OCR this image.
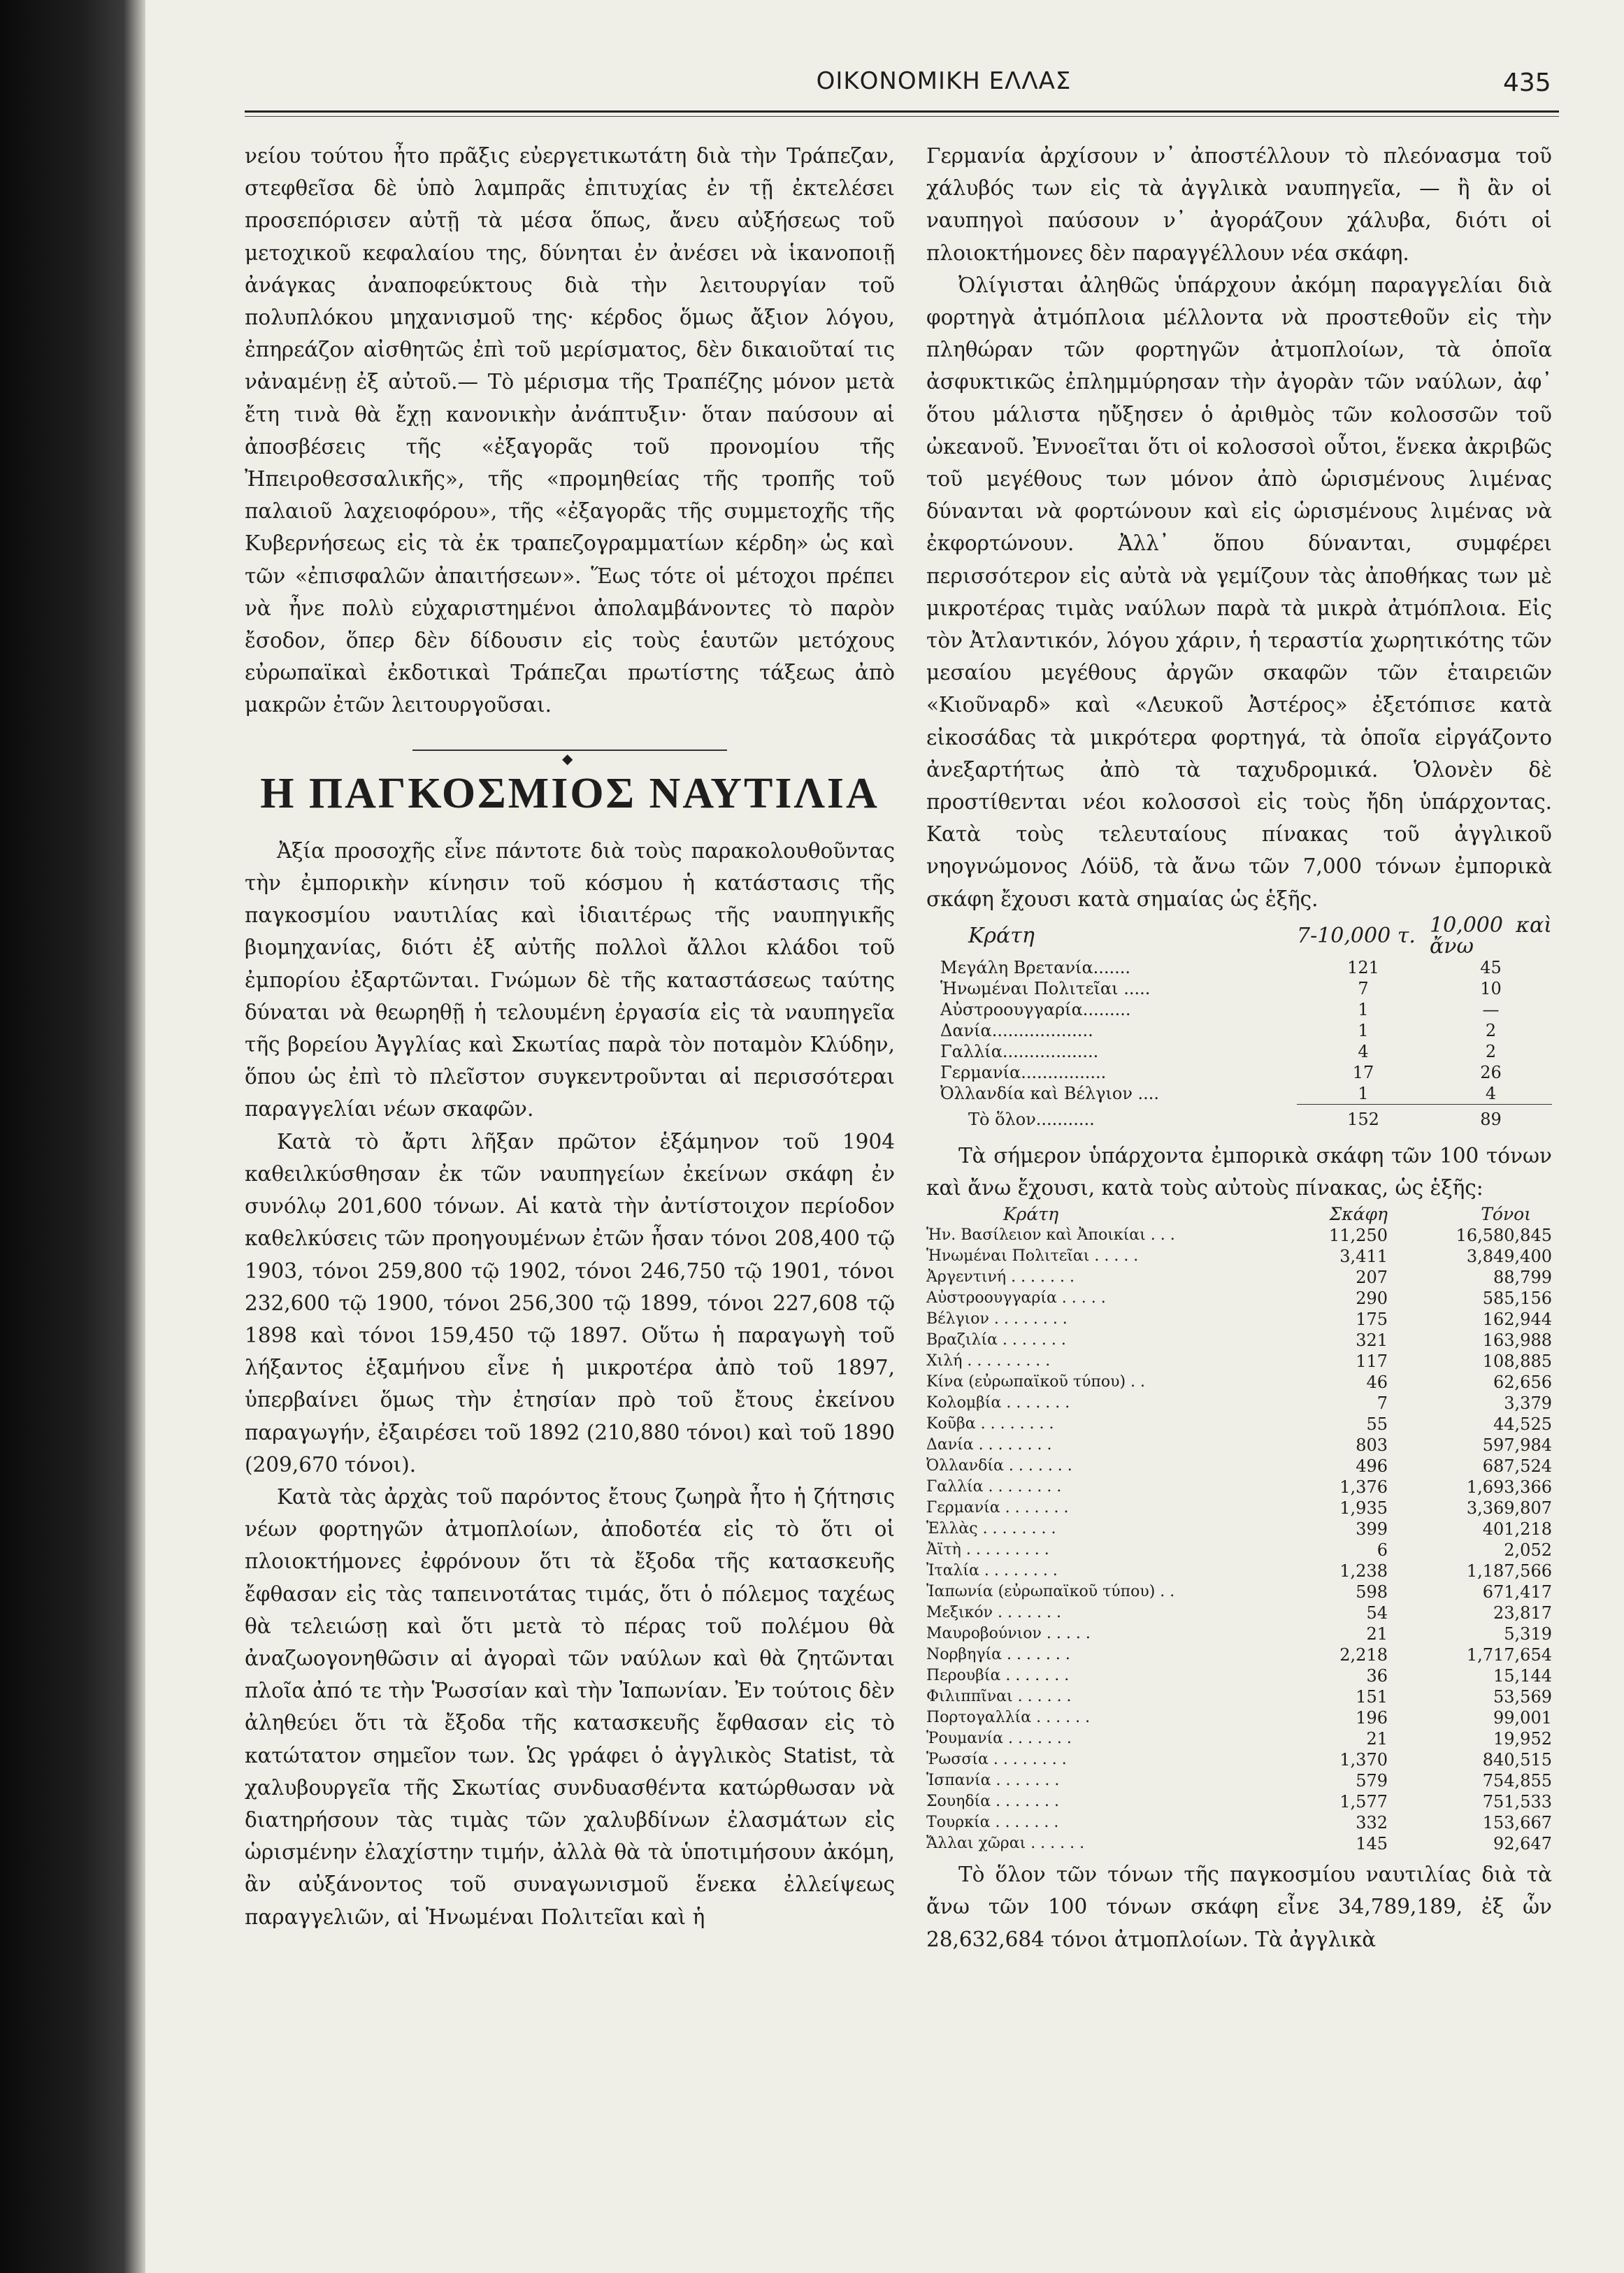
ΟΙΚΟΝΟΜΙΚΗ ΕΛΛΑΣ	435

νείου τούτου ἦτο πρᾶξις εὐεργετικωτάτη διὰ τὴν Τράπεζαν, στεφθεῖσα δὲ ὑπὸ λαμπρᾶς ἐπιτυχίας ἐν τῇ ἐκτελέσει προσεπόρισεν αὐτῇ τὰ μέσα ὅπως, ἄνευ αὐξήσεως τοῦ μετοχικοῦ κεφαλαίου της, δύνηται ἐν ἀνέσει νὰ ἱκανοποιῇ ἀνάγκας ἀναποφεύκτους διὰ τὴν λειτουργίαν τοῦ πολυπλόκου μηχανισμοῦ της· κέρδος ὅμως ἄξιον λόγου, ἐπηρεάζον αἰσθητῶς ἐπὶ τοῦ μερίσματος, δὲν δικαιοῦταί τις νἀναμένῃ ἐξ αὐτοῦ.— Τὸ μέρισμα τῆς Τραπέζης μόνον μετὰ ἔτη τινὰ θὰ ἔχῃ κανονικὴν ἀνάπτυξιν· ὅταν παύσουν αἱ ἀποσβέσεις τῆς «ἐξαγορᾶς τοῦ προνομίου τῆς Ἠπειροθεσσαλικῆς», τῆς «προμηθείας τῆς τροπῆς τοῦ παλαιοῦ λαχειοφόρου», τῆς «ἐξαγορᾶς τῆς συμμετοχῆς τῆς Κυβερνήσεως εἰς τὰ ἐκ τραπεζογραμματίων κέρδη» ὡς καὶ τῶν «ἐπισφαλῶν ἀπαιτήσεων». Ἕως τότε οἱ μέτοχοι πρέπει νὰ ἦνε πολὺ εὐχαριστημένοι ἀπολαμβάνοντες τὸ παρὸν ἔσοδον, ὅπερ δὲν δίδουσιν εἰς τοὺς ἑαυτῶν μετόχους εὐρωπαϊκαὶ ἐκδοτικαὶ Τράπεζαι πρωτίστης τάξεως ἀπὸ μακρῶν ἐτῶν λειτουργοῦσαι.

◆
Η ΠΑΓΚΟΣΜΙΟΣ ΝΑΥΤΙΛΙΑ

Ἀξία προσοχῆς εἶνε πάντοτε διὰ τοὺς παρακολουθοῦντας τὴν ἐμπορικὴν κίνησιν τοῦ κόσμου ἡ κατάστασις τῆς παγκοσμίου ναυτιλίας καὶ ἰδιαιτέρως τῆς ναυπηγικῆς βιομηχανίας, διότι ἐξ αὐτῆς πολλοὶ ἄλλοι κλάδοι τοῦ ἐμπορίου ἐξαρτῶνται. Γνώμων δὲ τῆς καταστάσεως ταύτης δύναται νὰ θεωρηθῇ ἡ τελουμένη ἐργασία εἰς τὰ ναυπηγεῖα τῆς βορείου Ἀγγλίας καὶ Σκωτίας παρὰ τὸν ποταμὸν Κλύδην, ὅπου ὡς ἐπὶ τὸ πλεῖστον συγκεντροῦνται αἱ περισσότεραι παραγγελίαι νέων σκαφῶν.

Κατὰ τὸ ἄρτι λῆξαν πρῶτον ἑξάμηνον τοῦ 1904 καθειλκύσθησαν ἐκ τῶν ναυπηγείων ἐκείνων σκάφη ἐν συνόλῳ 201,600 τόνων. Αἱ κατὰ τὴν ἀντίστοιχον περίοδον καθελκύσεις τῶν προηγουμένων ἐτῶν ἦσαν τόνοι 208,400 τῷ 1903, τόνοι 259,800 τῷ 1902, τόνοι 246,750 τῷ 1901, τόνοι 232,600 τῷ 1900, τόνοι 256,300 τῷ 1899, τόνοι 227,608 τῷ 1898 καὶ τόνοι 159,450 τῷ 1897. Οὕτω ἡ παραγωγὴ τοῦ λήξαντος ἑξαμήνου εἶνε ἡ μικροτέρα ἀπὸ τοῦ 1897, ὑπερβαίνει ὅμως τὴν ἐτησίαν πρὸ τοῦ ἔτους ἐκείνου παραγωγήν, ἐξαιρέσει τοῦ 1892 (210,880 τόνοι) καὶ τοῦ 1890 (209,670 τόνοι).

Κατὰ τὰς ἀρχὰς τοῦ παρόντος ἔτους ζωηρὰ ἦτο ἡ ζήτησις νέων φορτηγῶν ἀτμοπλοίων, ἀποδοτέα εἰς τὸ ὅτι οἱ πλοιοκτήμονες ἐφρόνουν ὅτι τὰ ἔξοδα τῆς κατασκευῆς ἔφθασαν εἰς τὰς ταπεινοτάτας τιμάς, ὅτι ὁ πόλεμος ταχέως θὰ τελειώσῃ καὶ ὅτι μετὰ τὸ πέρας τοῦ πολέμου θὰ ἀναζωογονηθῶσιν αἱ ἀγοραὶ τῶν ναύλων καὶ θὰ ζητῶνται πλοῖα ἀπό τε τὴν Ῥωσσίαν καὶ τὴν Ἰαπωνίαν. Ἐν τούτοις δὲν ἀληθεύει ὅτι τὰ ἔξοδα τῆς κατασκευῆς ἔφθασαν εἰς τὸ κατώτατον σημεῖον των. Ὡς γράφει ὁ ἀγγλικὸς Statist, τὰ χαλυβουργεῖα τῆς Σκωτίας συνδυασθέντα κατώρθωσαν νὰ διατηρήσουν τὰς τιμὰς τῶν χαλυβδίνων ἐλασμάτων εἰς ὡρισμένην ἐλαχίστην τιμήν, ἀλλὰ θὰ τὰ ὑποτιμήσουν ἀκόμη, ἂν αὐξάνοντος τοῦ συναγωνισμοῦ ἕνεκα ἐλλείψεως παραγγελιῶν, αἱ Ἡνωμέναι Πολιτεῖαι καὶ ἡ

Γερμανία ἀρχίσουν ν᾿ ἀποστέλλουν τὸ πλεόνασμα τοῦ χάλυβός των εἰς τὰ ἀγγλικὰ ναυπηγεῖα, — ἢ ἂν οἱ ναυπηγοὶ παύσουν ν᾿ ἀγοράζουν χάλυβα, διότι οἱ πλοιοκτήμονες δὲν παραγγέλλουν νέα σκάφη.

Ὀλίγισται ἀληθῶς ὑπάρχουν ἀκόμη παραγγελίαι διὰ φορτηγὰ ἀτμόπλοια μέλλοντα νὰ προστεθοῦν εἰς τὴν πληθώραν τῶν φορτηγῶν ἀτμοπλοίων, τὰ ὁποῖα ἀσφυκτικῶς ἐπλημμύρησαν τὴν ἀγορὰν τῶν ναύλων, ἀφ᾿ ὅτου μάλιστα ηὔξησεν ὁ ἀριθμὸς τῶν κολοσσῶν τοῦ ὠκεανοῦ. Ἐννοεῖται ὅτι οἱ κολοσσοὶ οὗτοι, ἕνεκα ἀκριβῶς τοῦ μεγέθους των μόνον ἀπὸ ὡρισμένους λιμένας δύνανται νὰ φορτώνουν καὶ εἰς ὡρισμένους λιμένας νὰ ἐκφορτώνουν. Ἀλλ᾿ ὅπου δύνανται, συμφέρει περισσότερον εἰς αὐτὰ νὰ γεμίζουν τὰς ἀποθήκας των μὲ μικροτέρας τιμὰς ναύλων παρὰ τὰ μικρὰ ἀτμόπλοια. Εἰς τὸν Ἀτλαντικόν, λόγου χάριν, ἡ τεραστία χωρητικότης τῶν μεσαίου μεγέθους ἀργῶν σκαφῶν τῶν ἑταιρειῶν «Κιοῦναρδ» καὶ «Λευκοῦ Ἀστέρος» ἐξετόπισε κατὰ εἰκοσάδας τὰ μικρότερα φορτηγά, τὰ ὁποῖα εἰργάζοντο ἀνεξαρτήτως ἀπὸ τὰ ταχυδρομικά. Ὁλονὲν δὲ προστίθενται νέοι κολοσσοὶ εἰς τοὺς ἤδη ὑπάρχοντας. Κατὰ τοὺς τελευταίους πίνακας τοῦ ἀγγλικοῦ νηογνώμονος Λόϋδ, τὰ ἄνω τῶν 7,000 τόνων ἐμπορικὰ σκάφη ἔχουσι κατὰ σημαίας ὡς ἑξῆς.

Κράτη	7-10,000 τ.	10,000 καὶ ἄνω
Μεγάλη Βρετανία.......	121	45
Ἡνωμέναι Πολιτεῖαι .....	7	10
Αὐστροουγγαρία.........	1	—
Δανία...................	1	2
Γαλλία..................	4	2
Γερμανία................	17	26
Ὀλλανδία καὶ Βέλγιον ....	1	4
Τὸ ὅλον...........	152	89

Τὰ σήμερον ὑπάρχοντα ἐμπορικὰ σκάφη τῶν 100 τόνων καὶ ἄνω ἔχουσι, κατὰ τοὺς αὐτοὺς πίνακας, ὡς ἑξῆς:

Κράτη	Σκάφη	Τόνοι
Ἡν. Βασίλειον καὶ Ἀποικίαι . . .	11,250	16,580,845
Ἡνωμέναι Πολιτεῖαι . . . . .	3,411	3,849,400
Ἀργεντινή . . . . . . .	207	88,799
Αὐστροουγγαρία . . . . .	290	585,156
Βέλγιον . . . . . . . .	175	162,944
Βραζιλία . . . . . . .	321	163,988
Χιλή . . . . . . . . .	117	108,885
Κίνα (εὐρωπαϊκοῦ τύπου) . .	46	62,656
Κολομβία . . . . . . .	7	3,379
Κοῦβα . . . . . . . .	55	44,525
Δανία . . . . . . . .	803	597,984
Ὀλλανδία . . . . . . .	496	687,524
Γαλλία . . . . . . . .	1,376	1,693,366
Γερμανία . . . . . . .	1,935	3,369,807
Ἑλλὰς . . . . . . . .	399	401,218
Ἀϊτὴ . . . . . . . . .	6	2,052
Ἰταλία . . . . . . . .	1,238	1,187,566
Ἰαπωνία (εὐρωπαϊκοῦ τύπου) . .	598	671,417
Μεξικόν . . . . . . .	54	23,817
Μαυροβούνιον . . . . .	21	5,319
Νορβηγία . . . . . . .	2,218	1,717,654
Περουβία . . . . . . .	36	15,144
Φιλιππῖναι . . . . . .	151	53,569
Πορτογαλλία . . . . . .	196	99,001
Ῥουμανία . . . . . . .	21	19,952
Ῥωσσία . . . . . . . .	1,370	840,515
Ἱσπανία . . . . . . .	579	754,855
Σουηδία . . . . . . .	1,577	751,533
Τουρκία . . . . . . .	332	153,667
Ἄλλαι χῶραι . . . . . .	145	92,647

Τὸ ὅλον τῶν τόνων τῆς παγκοσμίου ναυτιλίας διὰ τὰ ἄνω τῶν 100 τόνων σκάφη εἶνε 34,789,189, ἐξ ὧν 28,632,684 τόνοι ἀτμοπλοίων. Τὰ ἀγγλικὰ
